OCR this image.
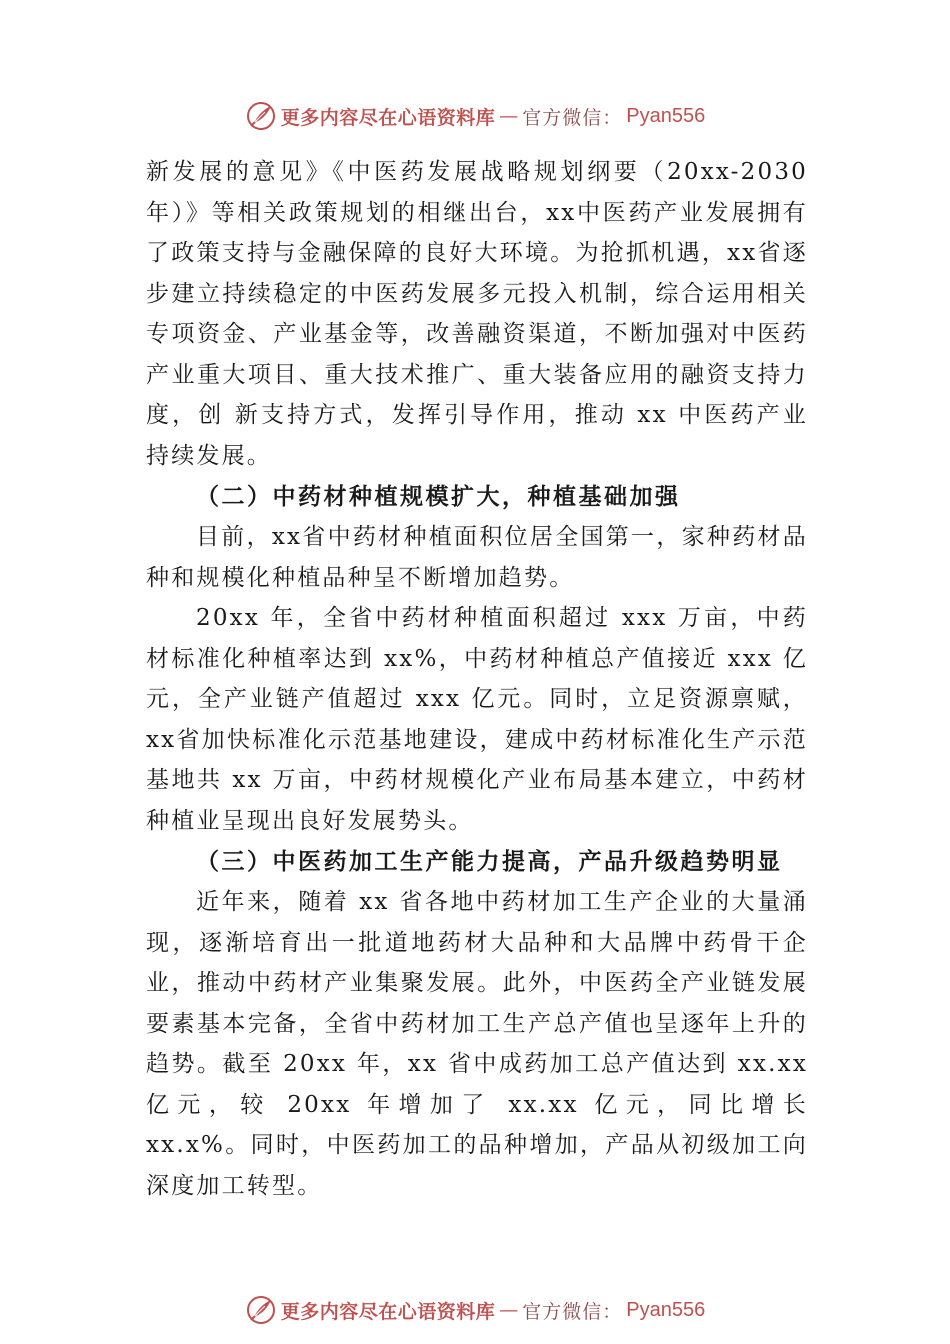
更多内容尽在心语资料库 — 官方微信： Pyan556

新发展的意见》《中医药发展战略规划纲要（20xx-2030年）》等相关政策规划的相继出台，xx中医药产业发展拥有了政策支持与金融保障的良好大环境。为抢抓机遇，xx省逐步建立持续稳定的中医药发展多元投入机制，综合运用相关专项资金、产业基金等，改善融资渠道，不断加强对中医药产业重大项目、重大技术推广、重大装备应用的融资支持力度，创 新支持方式，发挥引导作用，推动 xx 中医药产业持续发展。

（二）中药材种植规模扩大，种植基础加强

目前，xx省中药材种植面积位居全国第一，家种药材品种和规模化种植品种呈不断增加趋势。

20xx 年，全省中药材种植面积超过 xxx 万亩，中药材标准化种植率达到 xx%，中药材种植总产值接近 xxx 亿元，全产业链产值超过 xxx 亿元。同时，立足资源禀赋，xx省加快标准化示范基地建设，建成中药材标准化生产示范基地共 xx 万亩，中药材规模化产业布局基本建立，中药材种植业呈现出良好发展势头。

（三）中医药加工生产能力提高，产品升级趋势明显

近年来，随着 xx 省各地中药材加工生产企业的大量涌现，逐渐培育出一批道地药材大品种和大品牌中药骨干企业，推动中药材产业集聚发展。此外，中医药全产业链发展要素基本完备，全省中药材加工生产总产值也呈逐年上升的趋势。截至 20xx 年，xx 省中成药加工总产值达到 xx.xx 亿元，较 20xx 年增加了 xx.xx 亿元，同比增长 xx.x%。同时，中医药加工的品种增加，产品从初级加工向深度加工转型。

更多内容尽在心语资料库 — 官方微信： Pyan556
